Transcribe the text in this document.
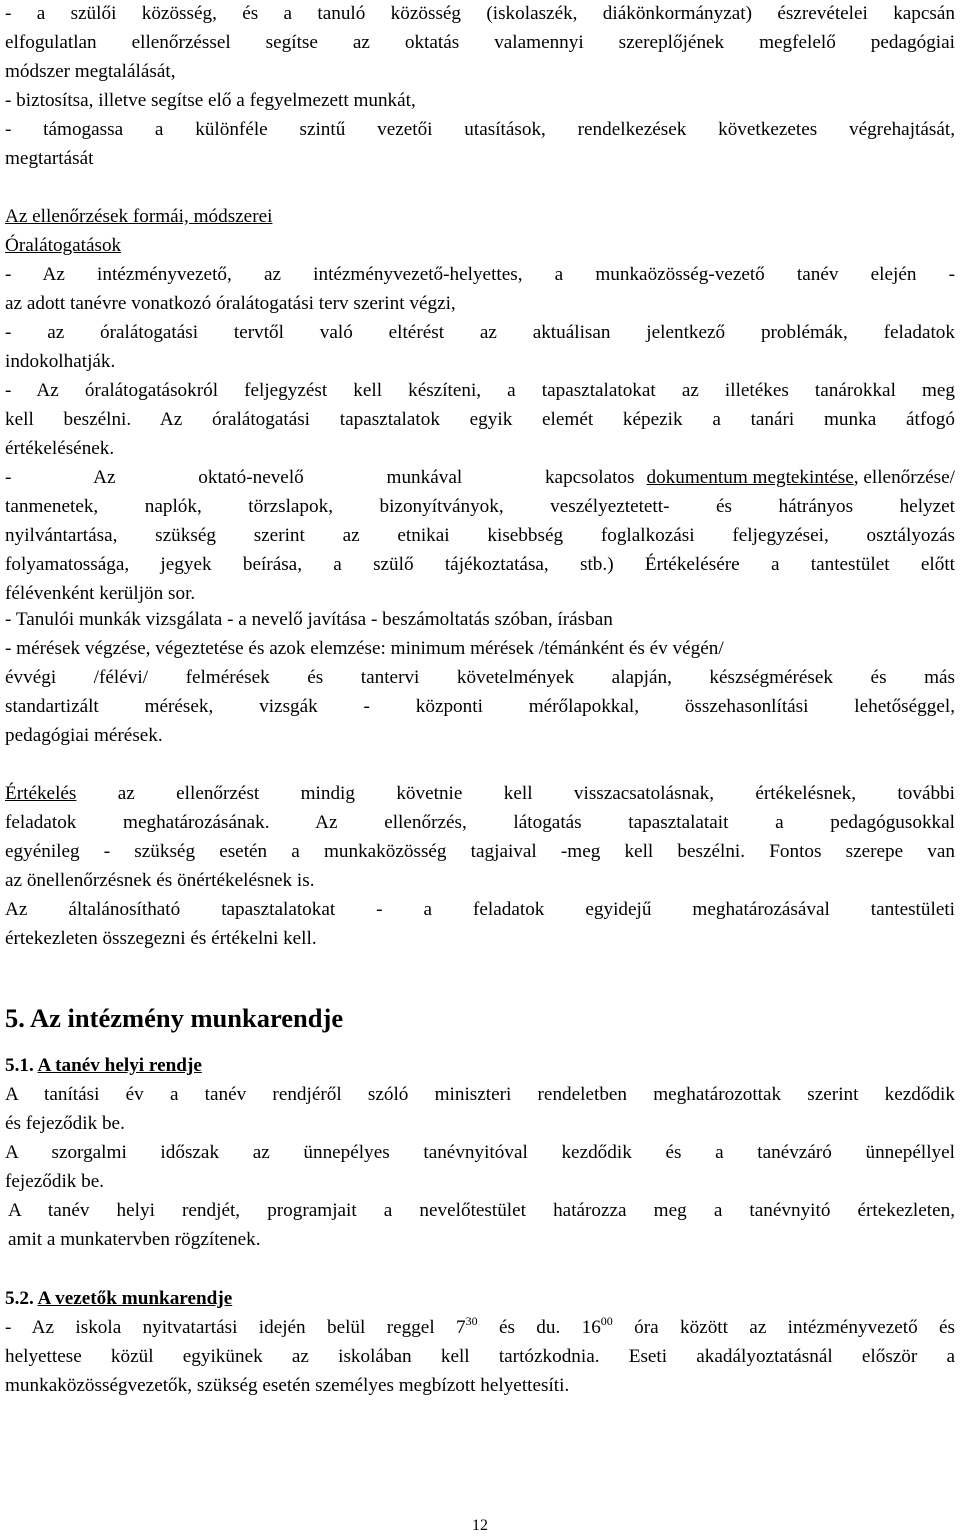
- a szülői közösség, és a tanuló közösség (iskolaszék, diákönkormányzat) észrevételei kapcsán
elfogulatlan ellenőrzéssel segítse az oktatás valamennyi szereplőjének megfelelő pedagógiai
módszer megtalálását,
- biztosítsa, illetve segítse elő a fegyelmezett munkát,
- támogassa a különféle szintű vezetői utasítások, rendelkezések következetes végrehajtását,
megtartását
Az ellenőrzések formái, módszerei
Óralátogatások
- Az intézményvezető, az intézményvezető-helyettes, a munkaözösség-vezető tanév elején -
az adott tanévre vonatkozó óralátogatási terv szerint végzi,
- az óralátogatási tervtől való eltérést az aktuálisan jelentkező problémák, feladatok
indokolhatják.
- Az óralátogatásokról feljegyzést kell készíteni, a tapasztalatokat az illetékes tanárokkal meg
kell beszélni. Az óralátogatási tapasztalatok egyik elemét képezik a tanári munka átfogó
értékelésének.
- Az oktató-nevelő munkával kapcsolatos dokumentum megtekintése, ellenőrzése/
tanmenetek, naplók, törzslapok, bizonyítványok, veszélyeztetett- és hátrányos helyzet
nyilvántartása, szükség szerint az etnikai kisebbség foglalkozási feljegyzései, osztályozás
folyamatossága, jegyek beírása, a szülő tájékoztatása, stb.) Értékelésére a tantestület előtt
félévenként kerüljön sor.
- Tanulói munkák vizsgálata - a nevelő javítása - beszámoltatás szóban, írásban
- mérések végzése, végeztetése és azok elemzése: minimum mérések /témánként és év végén/
évvégi /félévi/ felmérések és tantervi követelmények alapján, készségmérések és más
standartizált mérések, vizsgák - központi mérőlapokkal, összehasonlítási lehetőséggel,
pedagógiai mérések.
Értékelés az ellenőrzést mindig követnie kell visszacsatolásnak, értékelésnek, további
feladatok meghatározásának. Az ellenőrzés, látogatás tapasztalatait a pedagógusokkal
egyénileg - szükség esetén a munkaközösség tagjaival -meg kell beszélni. Fontos szerepe van
az önellenőrzésnek és önértékelésnek is.
Az általánosítható tapasztalatokat - a feladatok egyidejű meghatározásával tantestületi
értekezleten összegezni és értékelni kell.
5. Az intézmény munkarendje
5.1. A tanév helyi rendje
A tanítási év a tanév rendjéről szóló miniszteri rendeletben meghatározottak szerint kezdődik
és fejeződik be.
A szorgalmi időszak az ünnepélyes tanévnyitóval kezdődik és a tanévzáró ünnepéllyel
fejeződik be.
A tanév helyi rendjét, programjait a nevelőtestület határozza meg a tanévnyitó értekezleten,
amit a munkatervben rögzítenek.
5.2. A vezetők munkarendje
- Az iskola nyitvatartási idején belül reggel $7^{30}$ és du. $16^{00}$ óra között az intézményvezető és
helyettese közül egyikünek az iskolában kell tartózkodnia. Eseti akadályoztatásnál először a
munkaközösségvezetők, szükség esetén személyes megbízott helyettesíti.
12
